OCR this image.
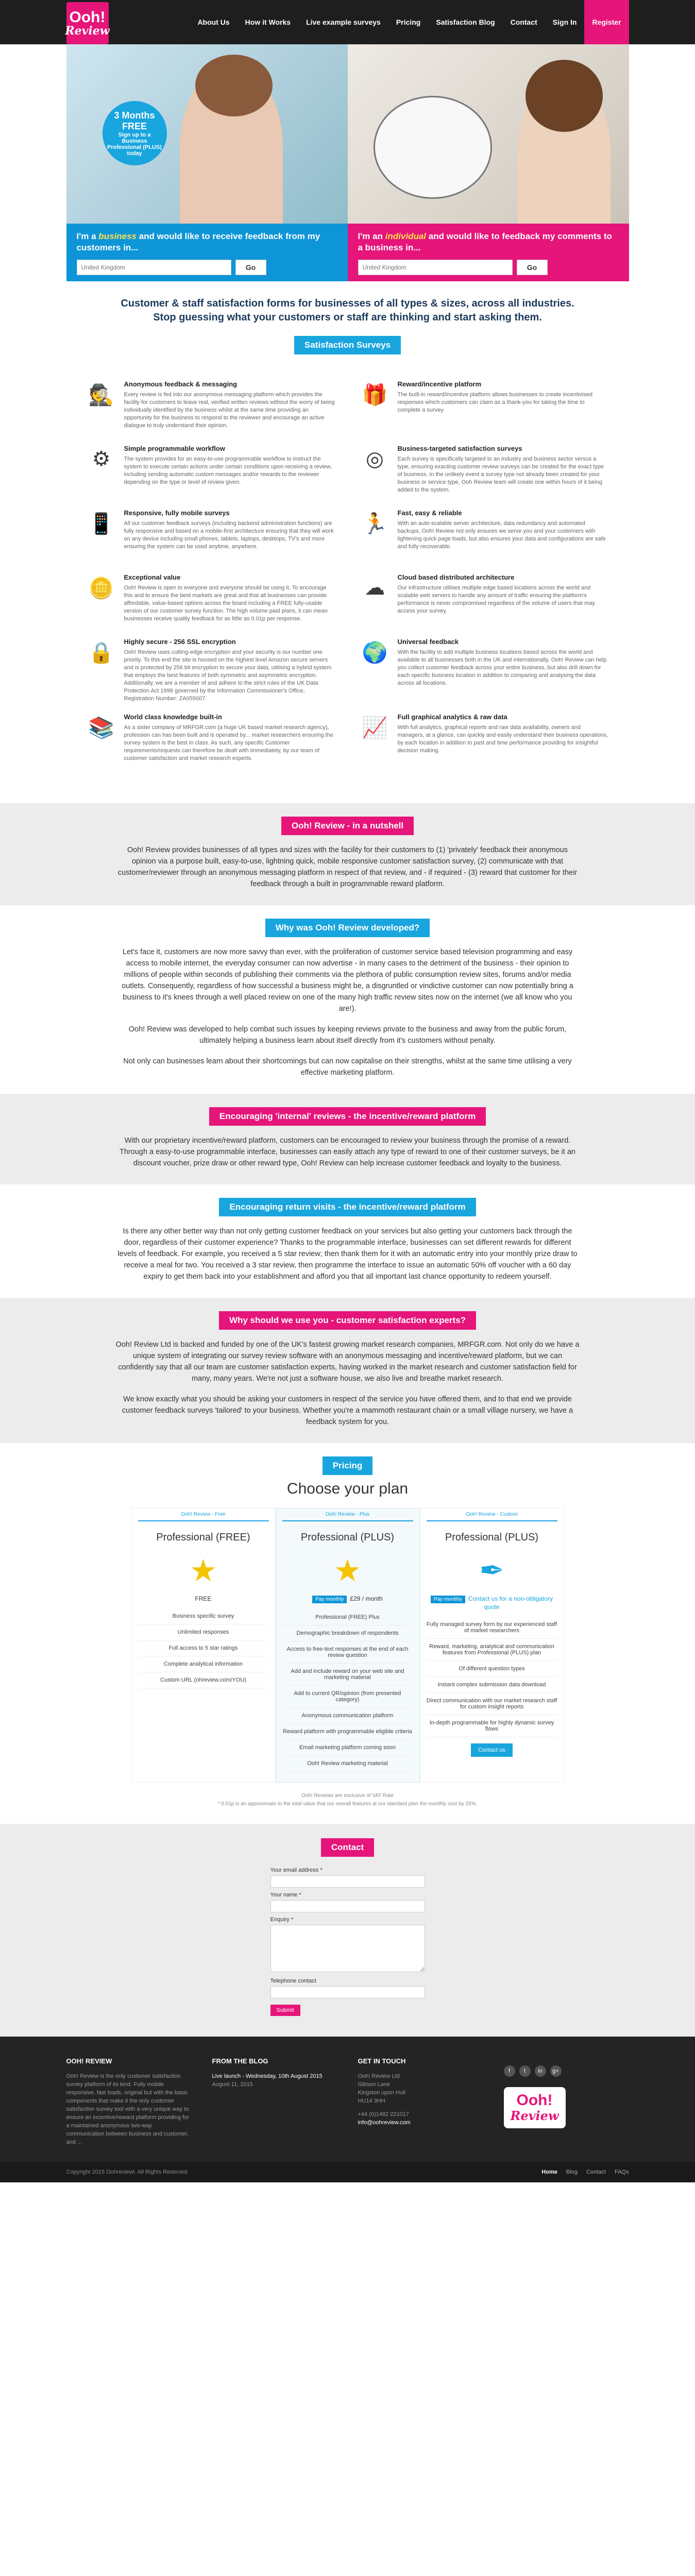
Ooh!
Review
About Us	How it Works	Live example surveys	Pricing	Satisfaction Blog	Contact	Sign In	Register
3 Months FREE
Sign up to a Business Professional (PLUS) today
I'm a business and would like to receive feedback from my customers in...
United Kingdom
Go
I'm an individual and would like to feedback my comments to a business in...
United Kingdom
Go
Customer & staff satisfaction forms for businesses of all types & sizes, across all industries.
Stop guessing what your customers or staff are thinking and start asking them.
Satisfaction Surveys
🕵 Anonymous feedback & messaging

Every review is fed into our anonymous messaging platform which provides the facility for customers to leave real, verified written reviews without the worry of being individually identified by the business whilst at the same time providing an opportunity for the business to respond to the reviewer and encourage an active dialogue to truly understand their opinion.

🎁 Reward/incentive platform

The built-in reward/incentive platform allows businesses to create incentivised responses which customers can claim as a thank-you for taking the time to complete a survey.

⚙	Simple programmable workflow

The system provides for an easy-to-use programmable workflow to instruct the system to execute certain actions under certain conditions upon receiving a review, including sending automatic custom messages and/or rewards to the reviewer depending on the type or level of review given.

◎	Business-targeted satisfaction surveys

Each survey is specifically targeted to an industry and business sector versus a type, ensuring exacting customer review surveys can be created for the exact type of business. In the unlikely event a survey type not already been created for your business or service type, Ooh Review team will create one within hours of it being added to the system.

📱 Responsive, fully mobile surveys

All our customer feedback surveys (including backend administration functions) are fully responsive and based on a mobile-first architecture ensuring that they will work on any device including small phones, tablets, laptops, desktops, TV's and more ensuring the system can be used anytime, anywhere.

🏃 Fast, easy & reliable

With an auto-scalable server architecture, data redundancy and automated backups, Ooh! Review not only ensures we serve you and your customers with lightening quick page loads, but also ensures your data and configurations are safe and fully recoverable.

🪙 Exceptional value

Ooh! Review is open to everyone and everyone should be using it. To encourage this and to ensure the best markets are great and that all businesses can provide affordable, value-based options across the board including a FREE fully-usable version of our customer survey function. The high volume paid plans, it can mean businesses receive quality feedback for as little as 0.01p per response.

☁	Cloud based distributed architecture

Our infrastructure utilises multiple edge based locations across the world and scalable web servers to handle any amount of traffic ensuring the platform's performance is never compromised regardless of the volume of users that may access your survey.

🔒 Highly secure - 256 SSL encryption

Ooh! Review uses cutting-edge encryption and your security is our number one priority. To this end the site is housed on the highest level Amazon secure servers and is protected by 256 bit encryption to secure your data, utilising a hybrid system that employs the best features of both symmetric and asymmetric encryption. Additionally, we are a member of and adhere to the strict rules of the UK Data Protection Act 1998 governed by the Information Commissioner's Office, Registration Number: ZA055007.

🌍 Universal feedback

With the facility to add multiple business locations based across the world and available to all businesses both in the UK and internationally, Ooh! Review can help you collect customer feedback across your entire business, but also drill down for each specific business location in addition to comparing and analysing the data across all locations.

📚 World class knowledge built-in

As a sister company of MRFGR.com (a huge UK based market research agency), profession can has been built and is operated by... market researchers ensuring the survey system is the best in class. As such, any specific Customer requirements/requests can therefore be dealt with immediately, by our team of customer satisfaction and market research experts.

📈 Full graphical analytics & raw data

With full analytics, graphical reports and raw data availability, owners and managers, at a glance, can quickly and easily understand their business operations, by each location in addition to past and time performance providing for insightful decision making.

Ooh! Review - in a nutshell

Ooh! Review provides businesses of all types and sizes with the facility for their customers to (1) 'privately' feedback their anonymous opinion via a purpose built, easy-to-use, lightning quick, mobile responsive customer satisfaction survey, (2) communicate with that customer/reviewer through an anonymous messaging platform in respect of that review, and - if required - (3) reward that customer for their feedback through a built in programmable reward platform.

Why was Ooh! Review developed?

Let's face it, customers are now more savvy than ever, with the proliferation of customer service based television programming and easy access to mobile internet, the everyday consumer can now advertise - in many cases to the detriment of the business - their opinion to millions of people within seconds of publishing their comments via the plethora of public consumption review sites, forums and/or media outlets. Consequently, regardless of how successful a business might be, a disgruntled or vindictive customer can now potentially bring a business to it's knees through a well placed review on one of the many high traffic review sites now on the internet (we all know who you are!).

Ooh! Review was developed to help combat such issues by keeping reviews private to the business and away from the public forum, ultimately helping a business learn about itself directly from it's customers without penalty.

Not only can businesses learn about their shortcomings but can now capitalise on their strengths, whilst at the same time utilising a very effective marketing platform.

Encouraging 'internal' reviews - the incentive/reward platform

With our proprietary incentive/reward platform, customers can be encouraged to review your business through the promise of a reward. Through a easy-to-use programmable interface, businesses can easily attach any type of reward to one of their customer surveys, be it an discount voucher, prize draw or other reward type, Ooh! Review can help increase customer feedback and loyalty to the business.

Encouraging return visits - the incentive/reward platform

Is there any other better way than not only getting customer feedback on your services but also getting your customers back through the door, regardless of their customer experience? Thanks to the programmable interface, businesses can set different rewards for different levels of feedback. For example, you received a 5 star review; then thank them for it with an automatic entry into your monthly prize draw to receive a meal for two. You received a 3 star review, then programme the interface to issue an automatic 50% off voucher with a 60 day expiry to get them back into your establishment and afford you that all important last chance opportunity to redeem yourself.

Why should we use you - customer satisfaction experts?

Ooh! Review Ltd is backed and funded by one of the UK's fastest growing market research companies, MRFGR.com. Not only do we have a unique system of integrating our survey review software with an anonymous messaging and incentive/reward platform, but we can confidently say that all our team are customer satisfaction experts, having worked in the market research and customer satisfaction field for many, many years. We're not just a software house, we also live and breathe market research.

We know exactly what you should be asking your customers in respect of the service you have offered them, and to that end we provide customer feedback surveys 'tailored' to your business. Whether you're a mammoth restaurant chain or a small village nursery, we have a feedback system for you.

Pricing
Choose your plan
Ooh! Review - Free
Professional (FREE)
★
FREE
Business specific survey
Unlimited responses
Full access to 5 star ratings
Complete analytical information
Custom URL (ohreview.com/YOU)
Ooh! Review - Plus
Professional (PLUS)
★
Pay monthly £29 / month
Professional (FREE) Plus
Demographic breakdown of respondents
Access to free-text responses at the end of each review question
Add and include reward on your web site and marketing material
Add to current QR/opinion (from presented category)
Anonymous communication platform
Reward platform with programmable eligible criteria
Email marketing platform coming soon
Ooh! Review marketing material
Ooh! Review - Custom
Professional (PLUS)
✒
Pay monthly Contact us for a non-obligatory quote
Fully managed survey form by our experienced staff of market researchers
Reward, marketing, analytical and communication features from Professional (PLUS) plan
Of different question types
Instant complex submission data download
Direct communication with our market research staff for custom insight reports
In-depth programmable for highly dynamic survey flows
Contact us
Ooh! Reviews are exclusive of VAT Rate
* 0.01p is an approximate to the total value that our overall features at our standard plan the monthly cost by 25%.
Contact
Your email address *
Your name *
Enquiry *
Telephone contact
Submit
OOH! REVIEW

Ooh! Review is the only customer satisfaction survey platform of its kind. Fully mobile responsive, fast loads, original but with the basic components that make it the only customer satisfaction survey tool with a very unique way to ensure an incentive/reward platform providing for a maintained anonymous two-way communication between business and customer, and ...

FROM THE BLOG

Live launch - Wednesday, 10th August 2015

August 11, 2015

GET IN TOUCH

Ooh! Review Ltd

Gibson Lane

Kingston upon Hull

HU14 3HH

+44 (0)1482 221017

info@oohreview.com

f	t	in	g+
Ooh!
Review
Copyright 2015 Oohreviewl. All Rights Reserved.	Home Blog Contact FAQs
